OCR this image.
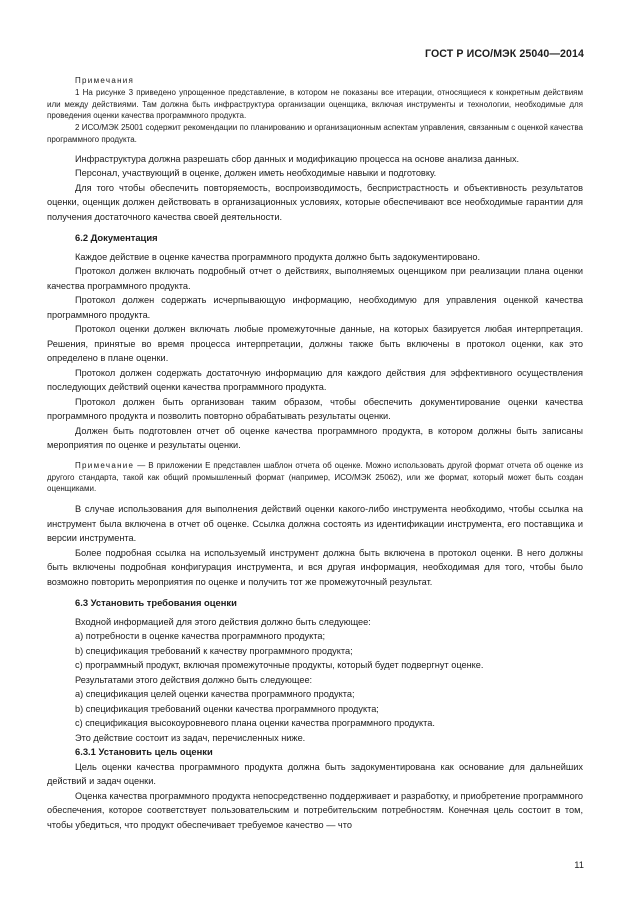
ГОСТ Р ИСО/МЭК 25040—2014

Примечания

1 На рисунке 3 приведено упрощенное представление, в котором не показаны все итерации, относящиеся к конкретным действиям или между действиями. Там должна быть инфраструктура организации оценщика, включая инструменты и технологии, необходимые для проведения оценки качества программного продукта.

2 ИСО/МЭК 25001 содержит рекомендации по планированию и организационным аспектам управления, связанным с оценкой качества программного продукта.

Инфраструктура должна разрешать сбор данных и модификацию процесса на основе анализа данных.

Персонал, участвующий в оценке, должен иметь необходимые навыки и подготовку.

Для того чтобы обеспечить повторяемость, воспроизводимость, беспристрастность и объективность результатов оценки, оценщик должен действовать в организационных условиях, которые обеспечивают все необходимые гарантии для получения достаточного качества своей деятельности.

6.2 Документация

Каждое действие в оценке качества программного продукта должно быть задокументировано.

Протокол должен включать подробный отчет о действиях, выполняемых оценщиком при реализации плана оценки качества программного продукта.

Протокол должен содержать исчерпывающую информацию, необходимую для управления оценкой качества программного продукта.

Протокол оценки должен включать любые промежуточные данные, на которых базируется любая интерпретация. Решения, принятые во время процесса интерпретации, должны также быть включены в протокол оценки, как это определено в плане оценки.

Протокол должен содержать достаточную информацию для каждого действия для эффективного осуществления последующих действий оценки качества программного продукта.

Протокол должен быть организован таким образом, чтобы обеспечить документирование оценки качества программного продукта и позволить повторно обрабатывать результаты оценки.

Должен быть подготовлен отчет об оценке качества программного продукта, в котором должны быть записаны мероприятия по оценке и результаты оценки.

Примечание — В приложении Е представлен шаблон отчета об оценке. Можно использовать другой формат отчета об оценке из другого стандарта, такой как общий промышленный формат (например, ИСО/МЭК 25062), или же формат, который может быть создан оценщиками.

В случае использования для выполнения действий оценки какого-либо инструмента необходимо, чтобы ссылка на инструмент была включена в отчет об оценке. Ссылка должна состоять из идентификации инструмента, его поставщика и версии инструмента.

Более подробная ссылка на используемый инструмент должна быть включена в протокол оценки. В него должны быть включены подробная конфигурация инструмента, и вся другая информация, необходимая для того, чтобы было возможно повторить мероприятия по оценке и получить тот же промежуточный результат.

6.3 Установить требования оценки

Входной информацией для этого действия должно быть следующее:

a) потребности в оценке качества программного продукта;

b) спецификация требований к качеству программного продукта;

c) программный продукт, включая промежуточные продукты, который будет подвергнут оценке.

Результатами этого действия должно быть следующее:

a) спецификация целей оценки качества программного продукта;

b) спецификация требований оценки качества программного продукта;

c) спецификация высокоуровневого плана оценки качества программного продукта.

Это действие состоит из задач, перечисленных ниже.

6.3.1 Установить цель оценки

Цель оценки качества программного продукта должна быть задокументирована как основание для дальнейших действий и задач оценки.

Оценка качества программного продукта непосредственно поддерживает и разработку, и приобретение программного обеспечения, которое соответствует пользовательским и потребительским потребностям. Конечная цель состоит в том, чтобы убедиться, что продукт обеспечивает требуемое качество — что

11
